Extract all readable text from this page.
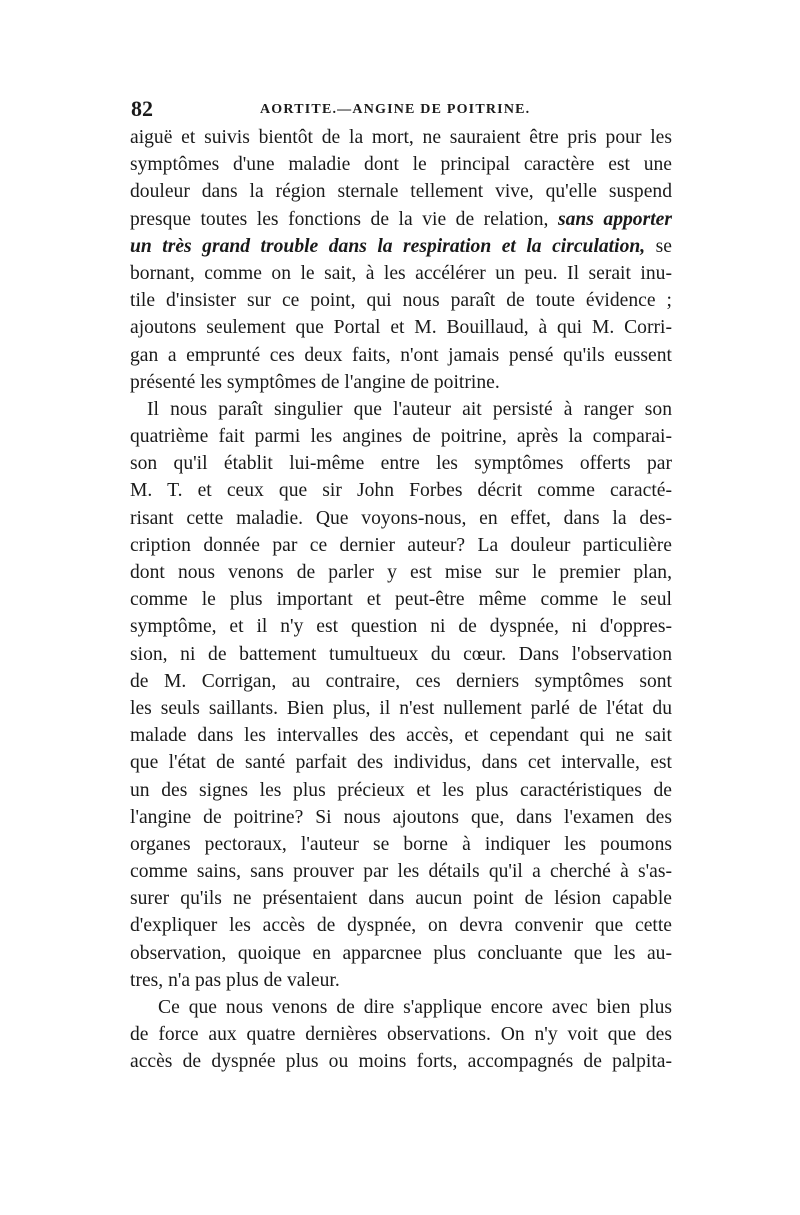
82	AORTITE.—ANGINE DE POITRINE.
aiguë et suivis bientôt de la mort, ne sauraient être pris pour les
symptômes d'une maladie dont le principal caractère est une
douleur dans la région sternale tellement vive, qu'elle suspend
presque toutes les fonctions de la vie de relation, sans apporter
un très grand trouble dans la respiration et la circulation, se
bornant, comme on le sait, à les accélérer un peu. Il serait inu-
tile d'insister sur ce point, qui nous paraît de toute évidence ;
ajoutons seulement que Portal et M. Bouillaud, à qui M. Corri-
gan a emprunté ces deux faits, n'ont jamais pensé qu'ils eussent
présenté les symptômes de l'angine de poitrine.
Il nous paraît singulier que l'auteur ait persisté à ranger son
quatrième fait parmi les angines de poitrine, après la comparai-
son qu'il établit lui-même entre les symptômes offerts par
M. T. et ceux que sir John Forbes décrit comme caracté-
risant cette maladie. Que voyons-nous, en effet, dans la des-
cription donnée par ce dernier auteur? La douleur particulière
dont nous venons de parler y est mise sur le premier plan,
comme le plus important et peut-être même comme le seul
symptôme, et il n'y est question ni de dyspnée, ni d'oppres-
sion, ni de battement tumultueux du cœur. Dans l'observation
de M. Corrigan, au contraire, ces derniers symptômes sont
les seuls saillants. Bien plus, il n'est nullement parlé de l'état du
malade dans les intervalles des accès, et cependant qui ne sait
que l'état de santé parfait des individus, dans cet intervalle, est
un des signes les plus précieux et les plus caractéristiques de
l'angine de poitrine? Si nous ajoutons que, dans l'examen des
organes pectoraux, l'auteur se borne à indiquer les poumons
comme sains, sans prouver par les détails qu'il a cherché à s'as-
surer qu'ils ne présentaient dans aucun point de lésion capable
d'expliquer les accès de dyspnée, on devra convenir que cette
observation, quoique en apparcnee plus concluante que les au-
tres, n'a pas plus de valeur.
Ce que nous venons de dire s'applique encore avec bien plus
de force aux quatre dernières observations. On n'y voit que des
accès de dyspnée plus ou moins forts, accompagnés de palpita-
